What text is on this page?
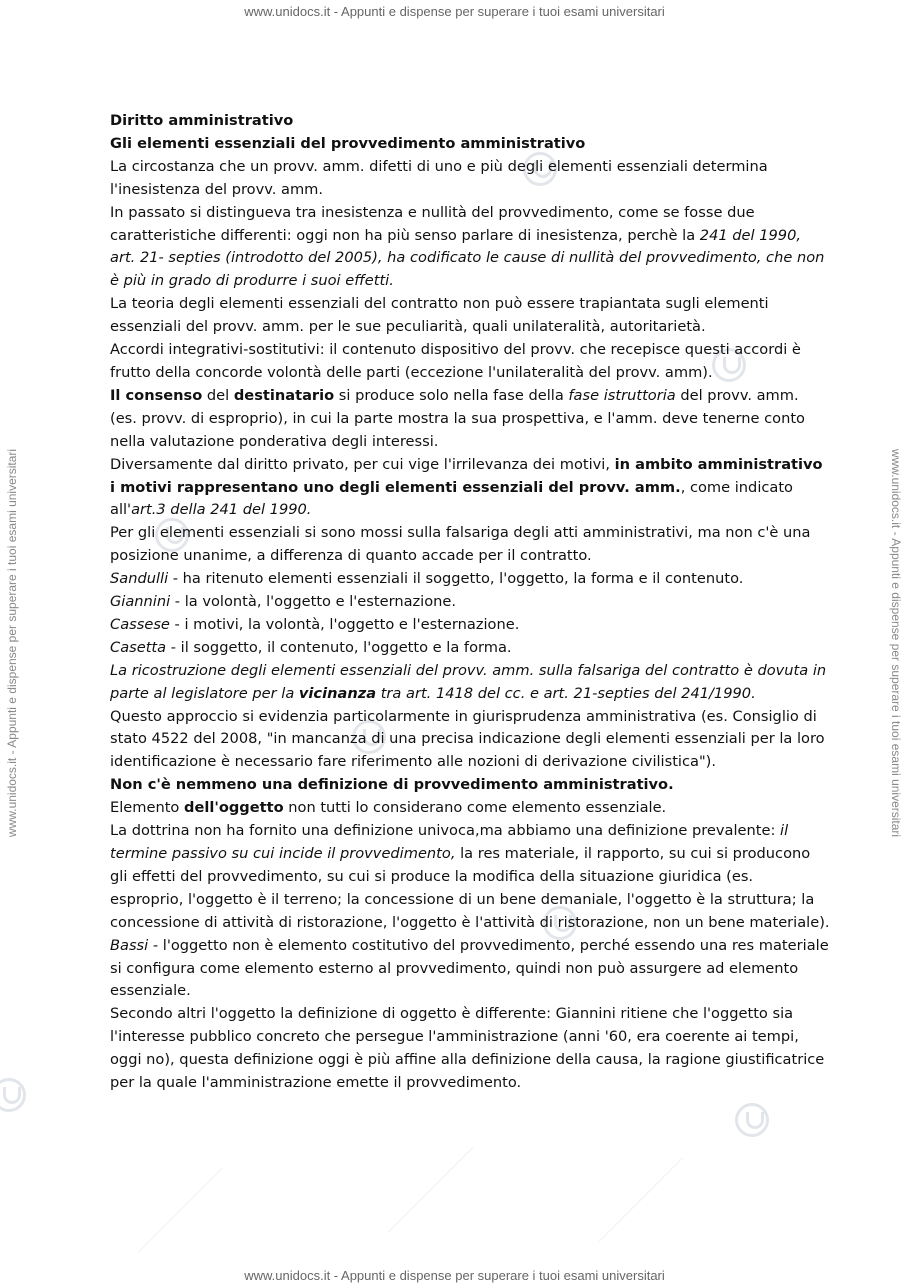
www.unidocs.it - Appunti e dispense per superare i tuoi esami universitari
www.unidocs.it - Appunti e dispense per superare i tuoi esami universitari
www.unidocs.it - Appunti e dispense per superare i tuoi esami universitari	www.unidocs.it - Appunti e dispense per superare i tuoi esami universitari

Diritto amministrativo

Gli elementi essenziali del provvedimento amministrativo

La circostanza che un provv. amm. difetti di uno e più degli elementi essenziali determina l'inesistenza del provv. amm.

In passato si distingueva tra inesistenza e nullità del provvedimento, come se fosse due caratteristiche differenti: oggi non ha più senso parlare di inesistenza, perchè la 241 del 1990, art. 21- septies (introdotto del 2005), ha codificato le cause di nullità del provvedimento, che non è più in grado di produrre i suoi effetti.

La teoria degli elementi essenziali del contratto non può essere trapiantata sugli elementi essenziali del provv. amm. per le sue peculiarità, quali unilateralità, autoritarietà.

Accordi integrativi-sostitutivi: il contenuto dispositivo del provv. che recepisce questi accordi è frutto della concorde volontà delle parti (eccezione l'unilateralità del provv. amm).

Il consenso del destinatario si produce solo nella fase della fase istruttoria del provv. amm. (es. provv. di esproprio), in cui la parte mostra la sua prospettiva, e l'amm. deve tenerne conto nella valutazione ponderativa degli interessi.

Diversamente dal diritto privato, per cui vige l'irrilevanza dei motivi, in ambito amministrativo i motivi rappresentano uno degli elementi essenziali del provv. amm., come indicato all'art.3 della 241 del 1990.

Per gli elementi essenziali si sono mossi sulla falsariga degli atti amministrativi, ma non c'è una posizione unanime, a differenza di quanto accade per il contratto.

Sandulli - ha ritenuto elementi essenziali il soggetto, l'oggetto, la forma e il contenuto.

Giannini - la volontà, l'oggetto e l'esternazione.

Cassese - i motivi, la volontà, l'oggetto e l'esternazione.

Casetta - il soggetto, il contenuto, l'oggetto e la forma.

La ricostruzione degli elementi essenziali del provv. amm. sulla falsariga del contratto è dovuta in parte al legislatore per la vicinanza tra art. 1418 del cc. e art. 21-septies del 241/1990.

Questo approccio si evidenzia particolarmente in giurisprudenza amministrativa (es. Consiglio di stato 4522 del 2008, "in mancanza di una precisa indicazione degli elementi essenziali per la loro identificazione è necessario fare riferimento alle nozioni di derivazione civilistica").

Non c'è nemmeno una definizione di provvedimento amministrativo.

Elemento dell'oggetto non tutti lo considerano come elemento essenziale.

La dottrina non ha fornito una definizione univoca,ma abbiamo una definizione prevalente: il termine passivo su cui incide il provvedimento, la res materiale, il rapporto, su cui si producono gli effetti del provvedimento, su cui si produce la modifica della situazione giuridica (es. esproprio, l'oggetto è il terreno; la concessione di un bene demaniale, l'oggetto è la struttura; la concessione di attività di ristorazione, l'oggetto è l'attività di ristorazione, non un bene materiale).

Bassi - l'oggetto non è elemento costitutivo del provvedimento, perché essendo una res materiale si configura come elemento esterno al provvedimento, quindi non può assurgere ad elemento essenziale.

Secondo altri l'oggetto la definizione di oggetto è differente: Giannini ritiene che l'oggetto sia l'interesse pubblico concreto che persegue l'amministrazione (anni '60, era coerente ai tempi, oggi no), questa definizione oggi è più affine alla definizione della causa, la ragione giustificatrice per la quale l'amministrazione emette il provvedimento.
